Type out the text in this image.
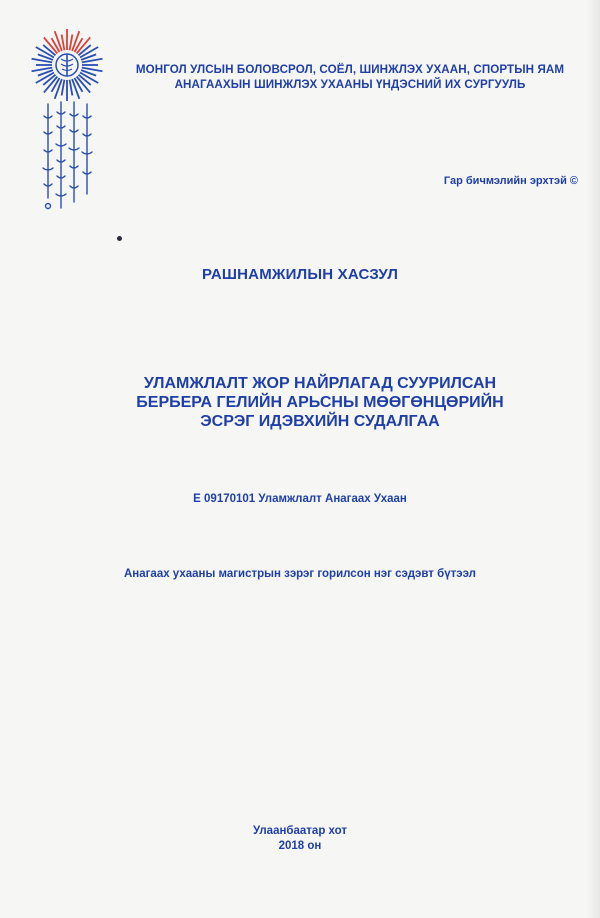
МОНГОЛ УЛСЫН БОЛОВСРОЛ, СОЁЛ, ШИНЖЛЭХ УХААН, СПОРТЫН ЯАМ
АНАГААХЫН ШИНЖЛЭХ УХААНЫ ҮНДЭСНИЙ ИХ СУРГУУЛЬ
Гар бичмэлийн эрхтэй ©
РАШНАМЖИЛЫН ХАСЗУЛ
УЛАМЖЛАЛТ ЖОР НАЙРЛАГАД СУУРИЛСАН
БЕРБЕРА ГЕЛИЙН АРЬСНЫ МӨӨГӨНЦӨРИЙН
ЭСРЭГ ИДЭВХИЙН СУДАЛГАА
E 09170101 Уламжлалт Анагаах Ухаан
Анагаах ухааны магистрын зэрэг горилсон нэг сэдэвт бүтээл
Улаанбаатар хот
2018 он
